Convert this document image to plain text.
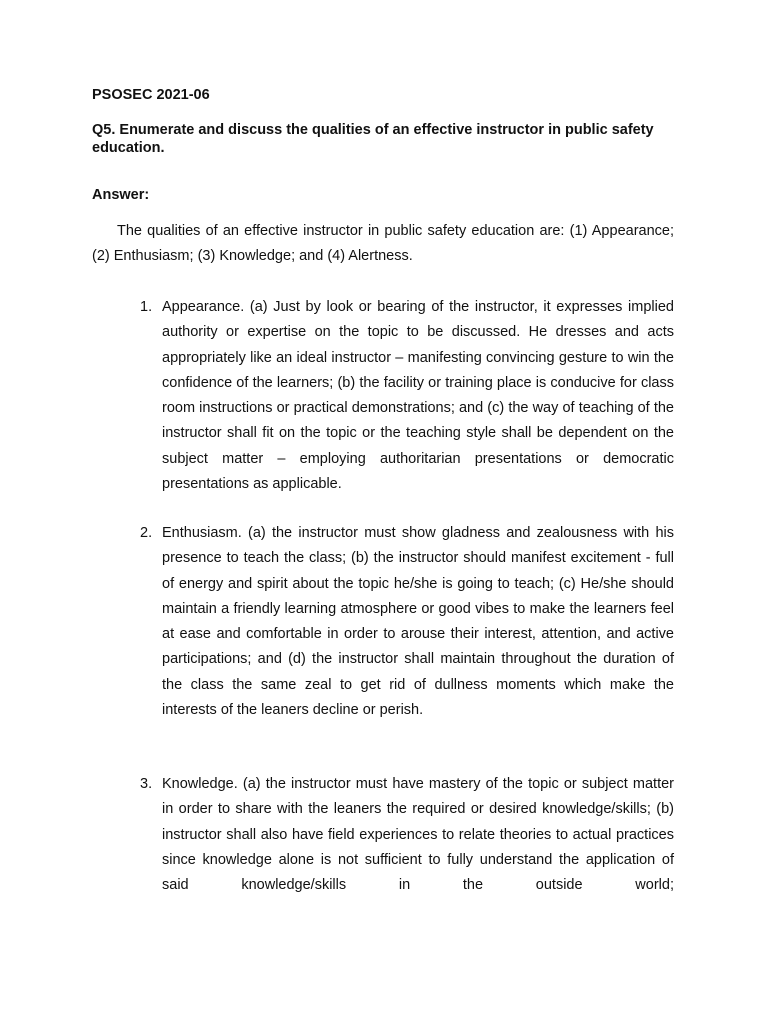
PSOSEC 2021-06
Q5. Enumerate and discuss the qualities of an effective instructor in public safety education.
Answer:
The qualities of an effective instructor in public safety education are: (1) Appearance; (2) Enthusiasm; (3) Knowledge; and (4) Alertness.
1. Appearance. (a) Just by look or bearing of the instructor, it expresses implied authority or expertise on the topic to be discussed. He dresses and acts appropriately like an ideal instructor – manifesting convincing gesture to win the confidence of the learners; (b) the facility or training place is conducive for class room instructions or practical demonstrations; and (c) the way of teaching of the instructor shall fit on the topic or the teaching style shall be dependent on the subject matter – employing authoritarian presentations or democratic presentations as applicable.
2. Enthusiasm. (a) the instructor must show gladness and zealousness with his presence to teach the class; (b) the instructor should manifest excitement - full of energy and spirit about the topic he/she is going to teach; (c) He/she should maintain a friendly learning atmosphere or good vibes to make the learners feel at ease and comfortable in order to arouse their interest, attention, and active participations; and (d) the instructor shall maintain throughout the duration of the class the same zeal to get rid of dullness moments which make the interests of the leaners decline or perish.
3. Knowledge. (a) the instructor must have mastery of the topic or subject matter in order to share with the leaners the required or desired knowledge/skills; (b) instructor shall also have field experiences to relate theories to actual practices since knowledge alone is not sufficient to fully understand the application of said knowledge/skills in the outside world;
